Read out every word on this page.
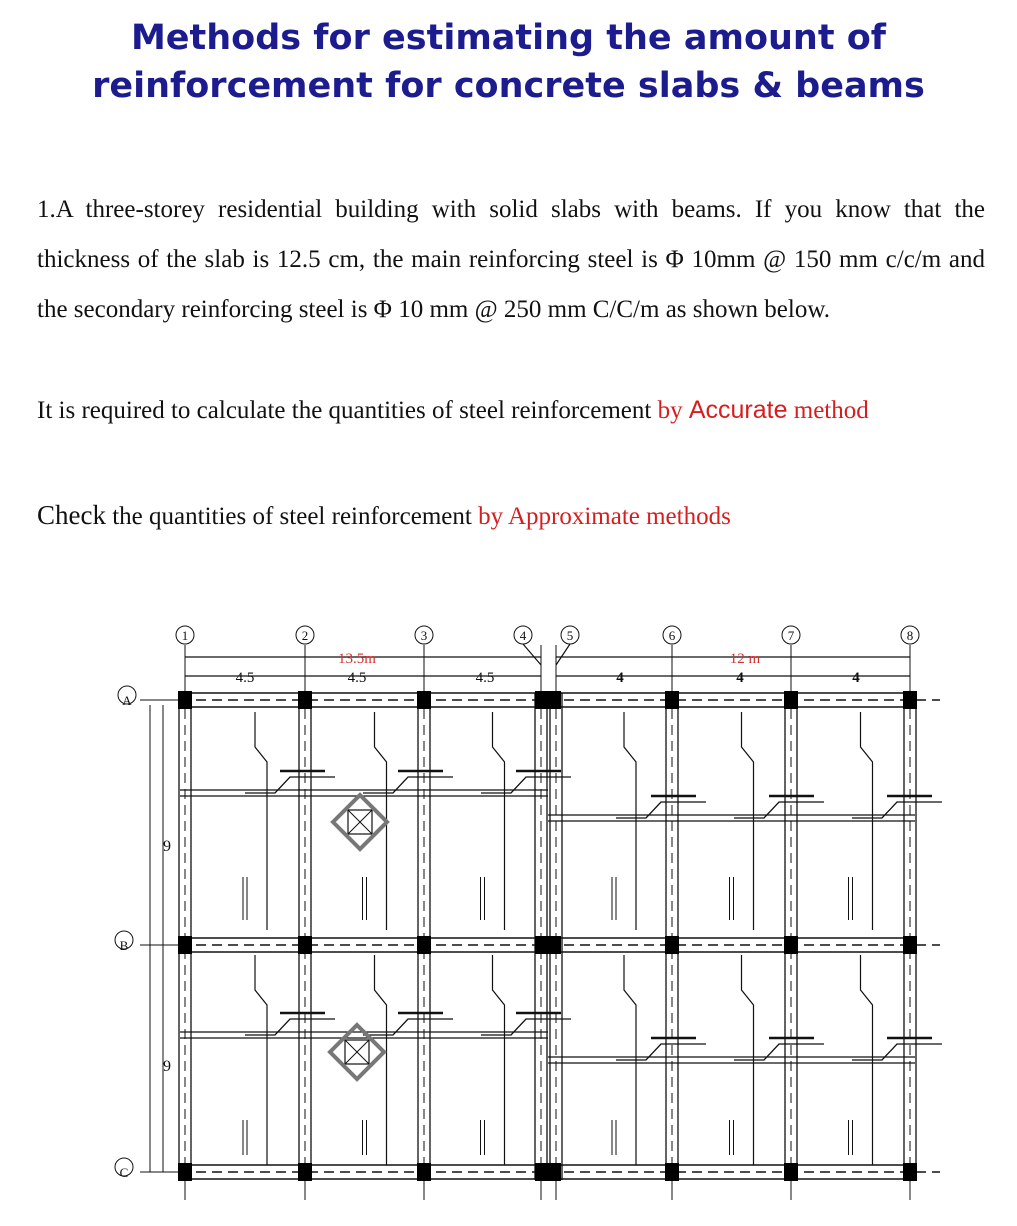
Methods for estimating the amount of
reinforcement for concrete slabs & beams
1.A three-storey residential building with solid slabs with beams. If you know that the thickness of the slab is 12.5 cm, the main reinforcing steel is Φ 10mm @ 150 mm c/c/m and the secondary reinforcing steel is Φ 10 mm @ 250 mm C/C/m as shown below.
It is required to calculate the quantities of steel reinforcement by Accurate method
Check the quantities of steel reinforcement by Approximate methods
1	2	3	4	5	6	7	8
A
B
C
13.5m	12 m
4.5	4.5	4.5	4	4	4
9
9
